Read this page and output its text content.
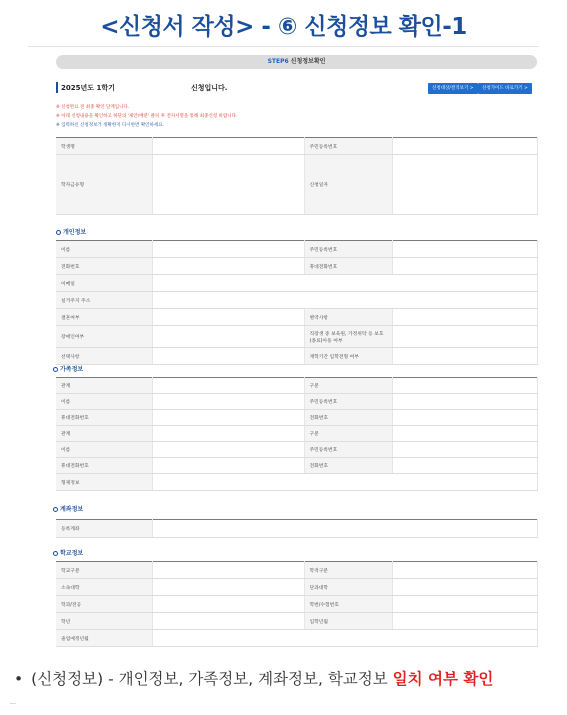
<신청서 작성> - ⑥ 신청정보 확인-1
STEP6 신청정보확인
2025년도 1학기	신청입니다.	신청대상/결격보기 >	신청가이드 바로가기 >
※ 신청완료 전 최종 확인 단계입니다.
※ 아래 신청내용을 확인하고 하단의 '제안/배분' 클릭 후 전자서명을 통해 최종신청 바랍니다.
※ 입력하신 신청정보가 정확한지 다시한번 확인하세요.
학생명		주민등록번호	
학자금유형		신청일자	
개인정보
이름		주민등록번호	
전화번호		휴대전화번호	
이메일			
실거주지 주소			
결혼여부		병역사항	
장애인여부		직장생 중 보육원, 가정위탁 등 보호(종료)아동 여부	
선택사항		재학기간 입학전형 여부	
가족정보
관계		구분	
이름		주민등록번호	
휴대전화번호		전화번호	
관계		구분	
이름		주민등록번호	
휴대전화번호		전화번호	
형제정보			
계좌정보
등록계좌	
학교정보
학교구분		학적구분	
소속대학		단과대학	
학과/전공		학번/수험번호	
학년		입학년월	
졸업예정년월			
• (신청정보) - 개인정보, 가족정보, 계좌정보, 학교정보 일치 여부 확인
